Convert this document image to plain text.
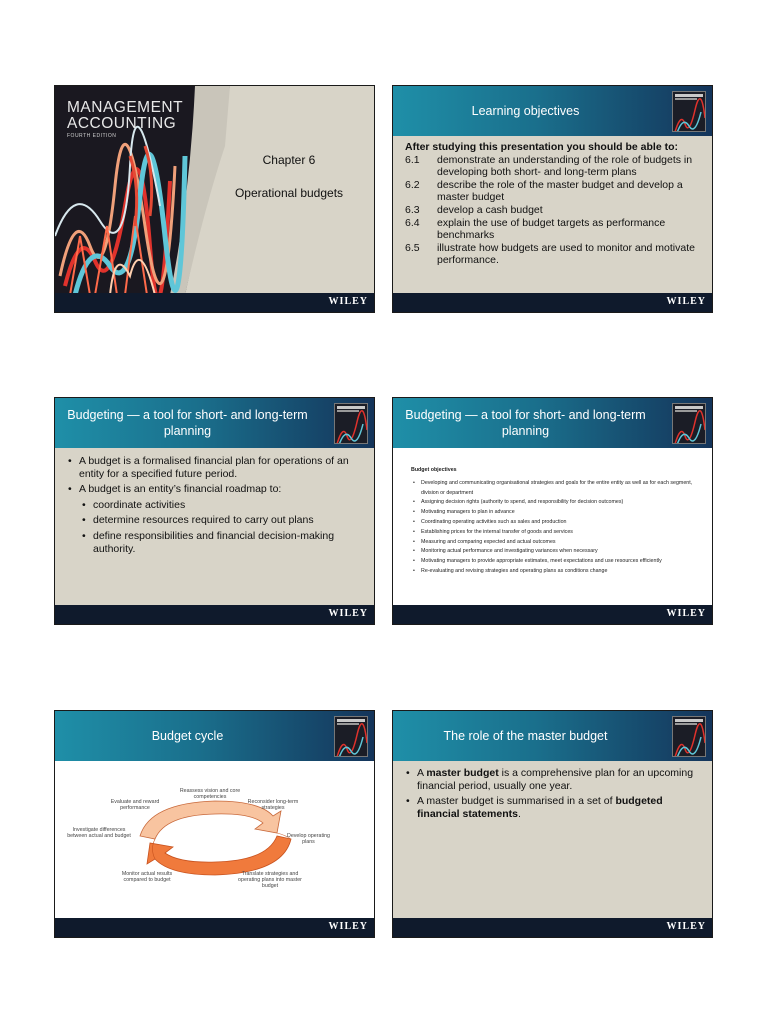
MANAGEMENT
ACCOUNTING
FOURTH EDITION
Chapter 6
Operational budgets
WILEY
Learning objectives
After studying this presentation you should be able to:
6.1	demonstrate an understanding of the role of budgets in developing both short- and long-term plans
6.2	describe the role of the master budget and develop a master budget
6.3	develop a cash budget
6.4	explain the use of budget targets as performance benchmarks
6.5	illustrate how budgets are used to monitor and motivate performance.
WILEY
Budgeting — a tool for short- and long-term planning
• A budget is a formalised financial plan for operations of an entity for a specified future period.
• A budget is an entity’s financial roadmap to:
• coordinate activities
• determine resources required to carry out plans
• define responsibilities and financial decision-making authority.
WILEY
Budgeting — a tool for short- and long-term planning
Budget objectives
• Developing and communicating organisational strategies and goals for the entire entity as well as for each segment, division or department
• Assigning decision rights (authority to spend, and responsibility for decision outcomes)
• Motivating managers to plan in advance
• Coordinating operating activities such as sales and production
• Establishing prices for the internal transfer of goods and services
• Measuring and comparing expected and actual outcomes
• Monitoring actual performance and investigating variances when necessary
• Motivating managers to provide appropriate estimates, meet expectations and use resources efficiently
• Re-evaluating and revising strategies and operating plans as conditions change
WILEY
Budget cycle
Reassess vision and core competencies
Reconsider long-term strategies
Develop operating plans
Translate strategies and operating plans into master budget
Monitor actual results compared to budget
Investigate differences between actual and budget
Evaluate and reward performance
WILEY
The role of the master budget
• A master budget is a comprehensive plan for an upcoming financial period, usually one year.
• A master budget is summarised in a set of budgeted financial statements.
WILEY
